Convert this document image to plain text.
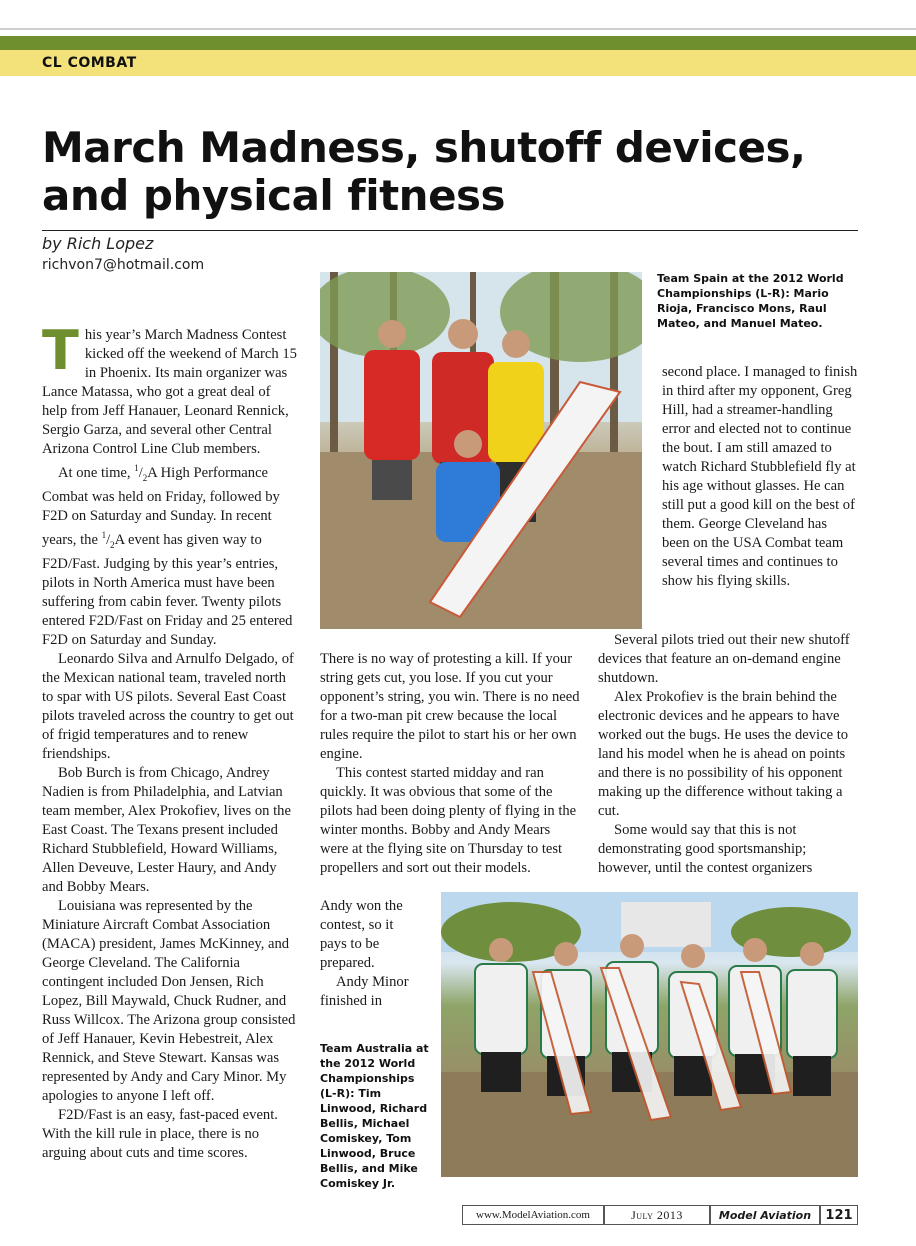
CL COMBAT
March Madness, shutoff devices,
and physical fitness
by Rich Lopez
richvon7@hotmail.com

This year’s March Madness Contest kicked off the weekend of March 15 in Phoenix. Its main organizer was Lance Matassa, who got a great deal of help from Jeff Hanauer, Leonard Rennick, Sergio Garza, and several other Central Arizona Control Line Club members.

At one time, $^1/_2A$ High Performance Combat was held on Friday, followed by F2D on Saturday and Sunday. In recent years, the $^1/_2A$ event has given way to F2D/Fast. Judging by this year’s entries, pilots in North America must have been suffering from cabin fever. Twenty pilots entered F2D/Fast on Friday and 25 entered F2D on Saturday and Sunday.

Leonardo Silva and Arnulfo Delgado, of the Mexican national team, traveled north to spar with US pilots. Several East Coast pilots traveled across the country to get out of frigid temperatures and to renew friendships.

Bob Burch is from Chicago, Andrey Nadien is from Philadelphia, and Latvian team member, Alex Prokofiev, lives on the East Coast. The Texans present included Richard Stubblefield, Howard Williams, Allen Deveuve, Lester Haury, and Andy and Bobby Mears.

Louisiana was represented by the Miniature Aircraft Combat Association (MACA) president, James McKinney, and George Cleveland. The California contingent included Don Jensen, Rich Lopez, Bill Maywald, Chuck Rudner, and Russ Willcox. The Arizona group consisted of Jeff Hanauer, Kevin Hebestreit, Alex Rennick, and Steve Stewart. Kansas was represented by Andy and Cary Minor. My apologies to anyone I left off.

F2D/Fast is an easy, fast-paced event. With the kill rule in place, there is no arguing about cuts and time scores.

Team Spain at the 2012 World Championships (L-R): Mario Rioja, Francisco Mons, Raul Mateo, and Manuel Mateo.

There is no way of protesting a kill. If your string gets cut, you lose. If you cut your opponent’s string, you win. There is no need for a two-man pit crew because the local rules require the pilot to start his or her own engine.

This contest started midday and ran quickly. It was obvious that some of the pilots had been doing plenty of flying in the winter months. Bobby and Andy Mears were at the flying site on Thursday to test propellers and sort out their models.

Andy won the contest, so it pays to be prepared.

Andy Minor finished in

second place. I managed to finish in third after my opponent, Greg Hill, had a streamer-handling error and elected not to continue the bout. I am still amazed to watch Richard Stubblefield fly at his age without glasses. He can still put a good kill on the best of them. George Cleveland has been on the USA Combat team several times and continues to show his flying skills.

Several pilots tried out their new shutoff devices that feature an on-demand engine shutdown.

Alex Prokofiev is the brain behind the electronic devices and he appears to have worked out the bugs. He uses the device to land his model when he is ahead on points and there is no possibility of his opponent making up the difference without taking a cut.

Some would say that this is not demonstrating good sportsmanship; however, until the contest organizers

Team Australia at the 2012 World Championships (L-R): Tim Linwood, Richard Bellis, Michael Comiskey, Tom Linwood, Bruce Bellis, and Mike Comiskey Jr.
www.ModelAviation.com	July 2013	Model Aviation	121
